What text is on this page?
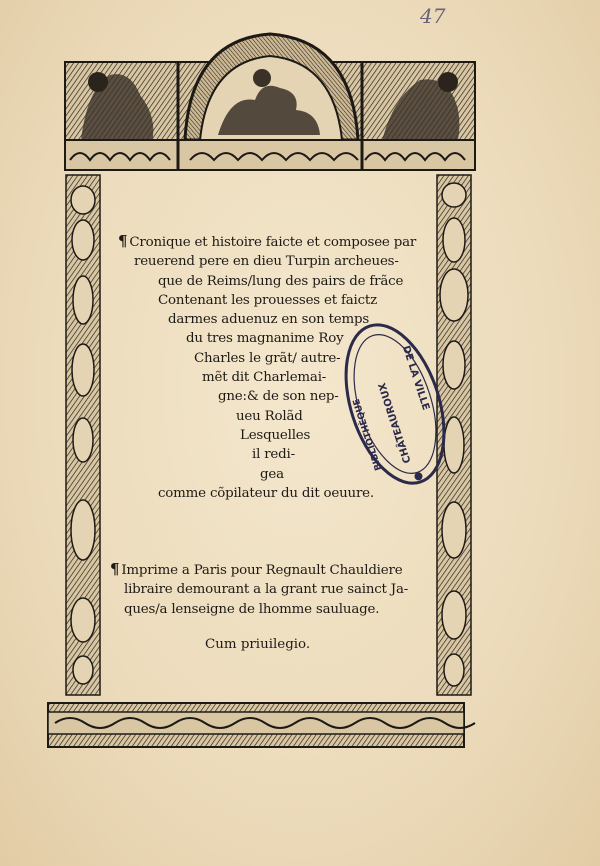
47
¶ Cronique et histoire faicte et composee par
reuerend pere en dieu Turpin archeues-
que de Reims/lung des pairs de frãce
Contenant les prouesses et faictz
darmes aduenuz en son temps
du tres magnanime Roy
Charles le grãt/ autre-
mẽt dit Charlemai-
gne:& de son nep-
ueu Rolãd
Lesquelles
il redi-
gea
comme cõpilateur du dit oeuure.
¶ Imprime a Paris pour Regnault Chauldiere
libraire demourant a la grant rue sainct Ja-
ques/a lenseigne de lhomme sauluage.
Cum priuilegio.
BIBLIOTHÈQUE
CHÂTEAUROUX
DE LA VILLE
